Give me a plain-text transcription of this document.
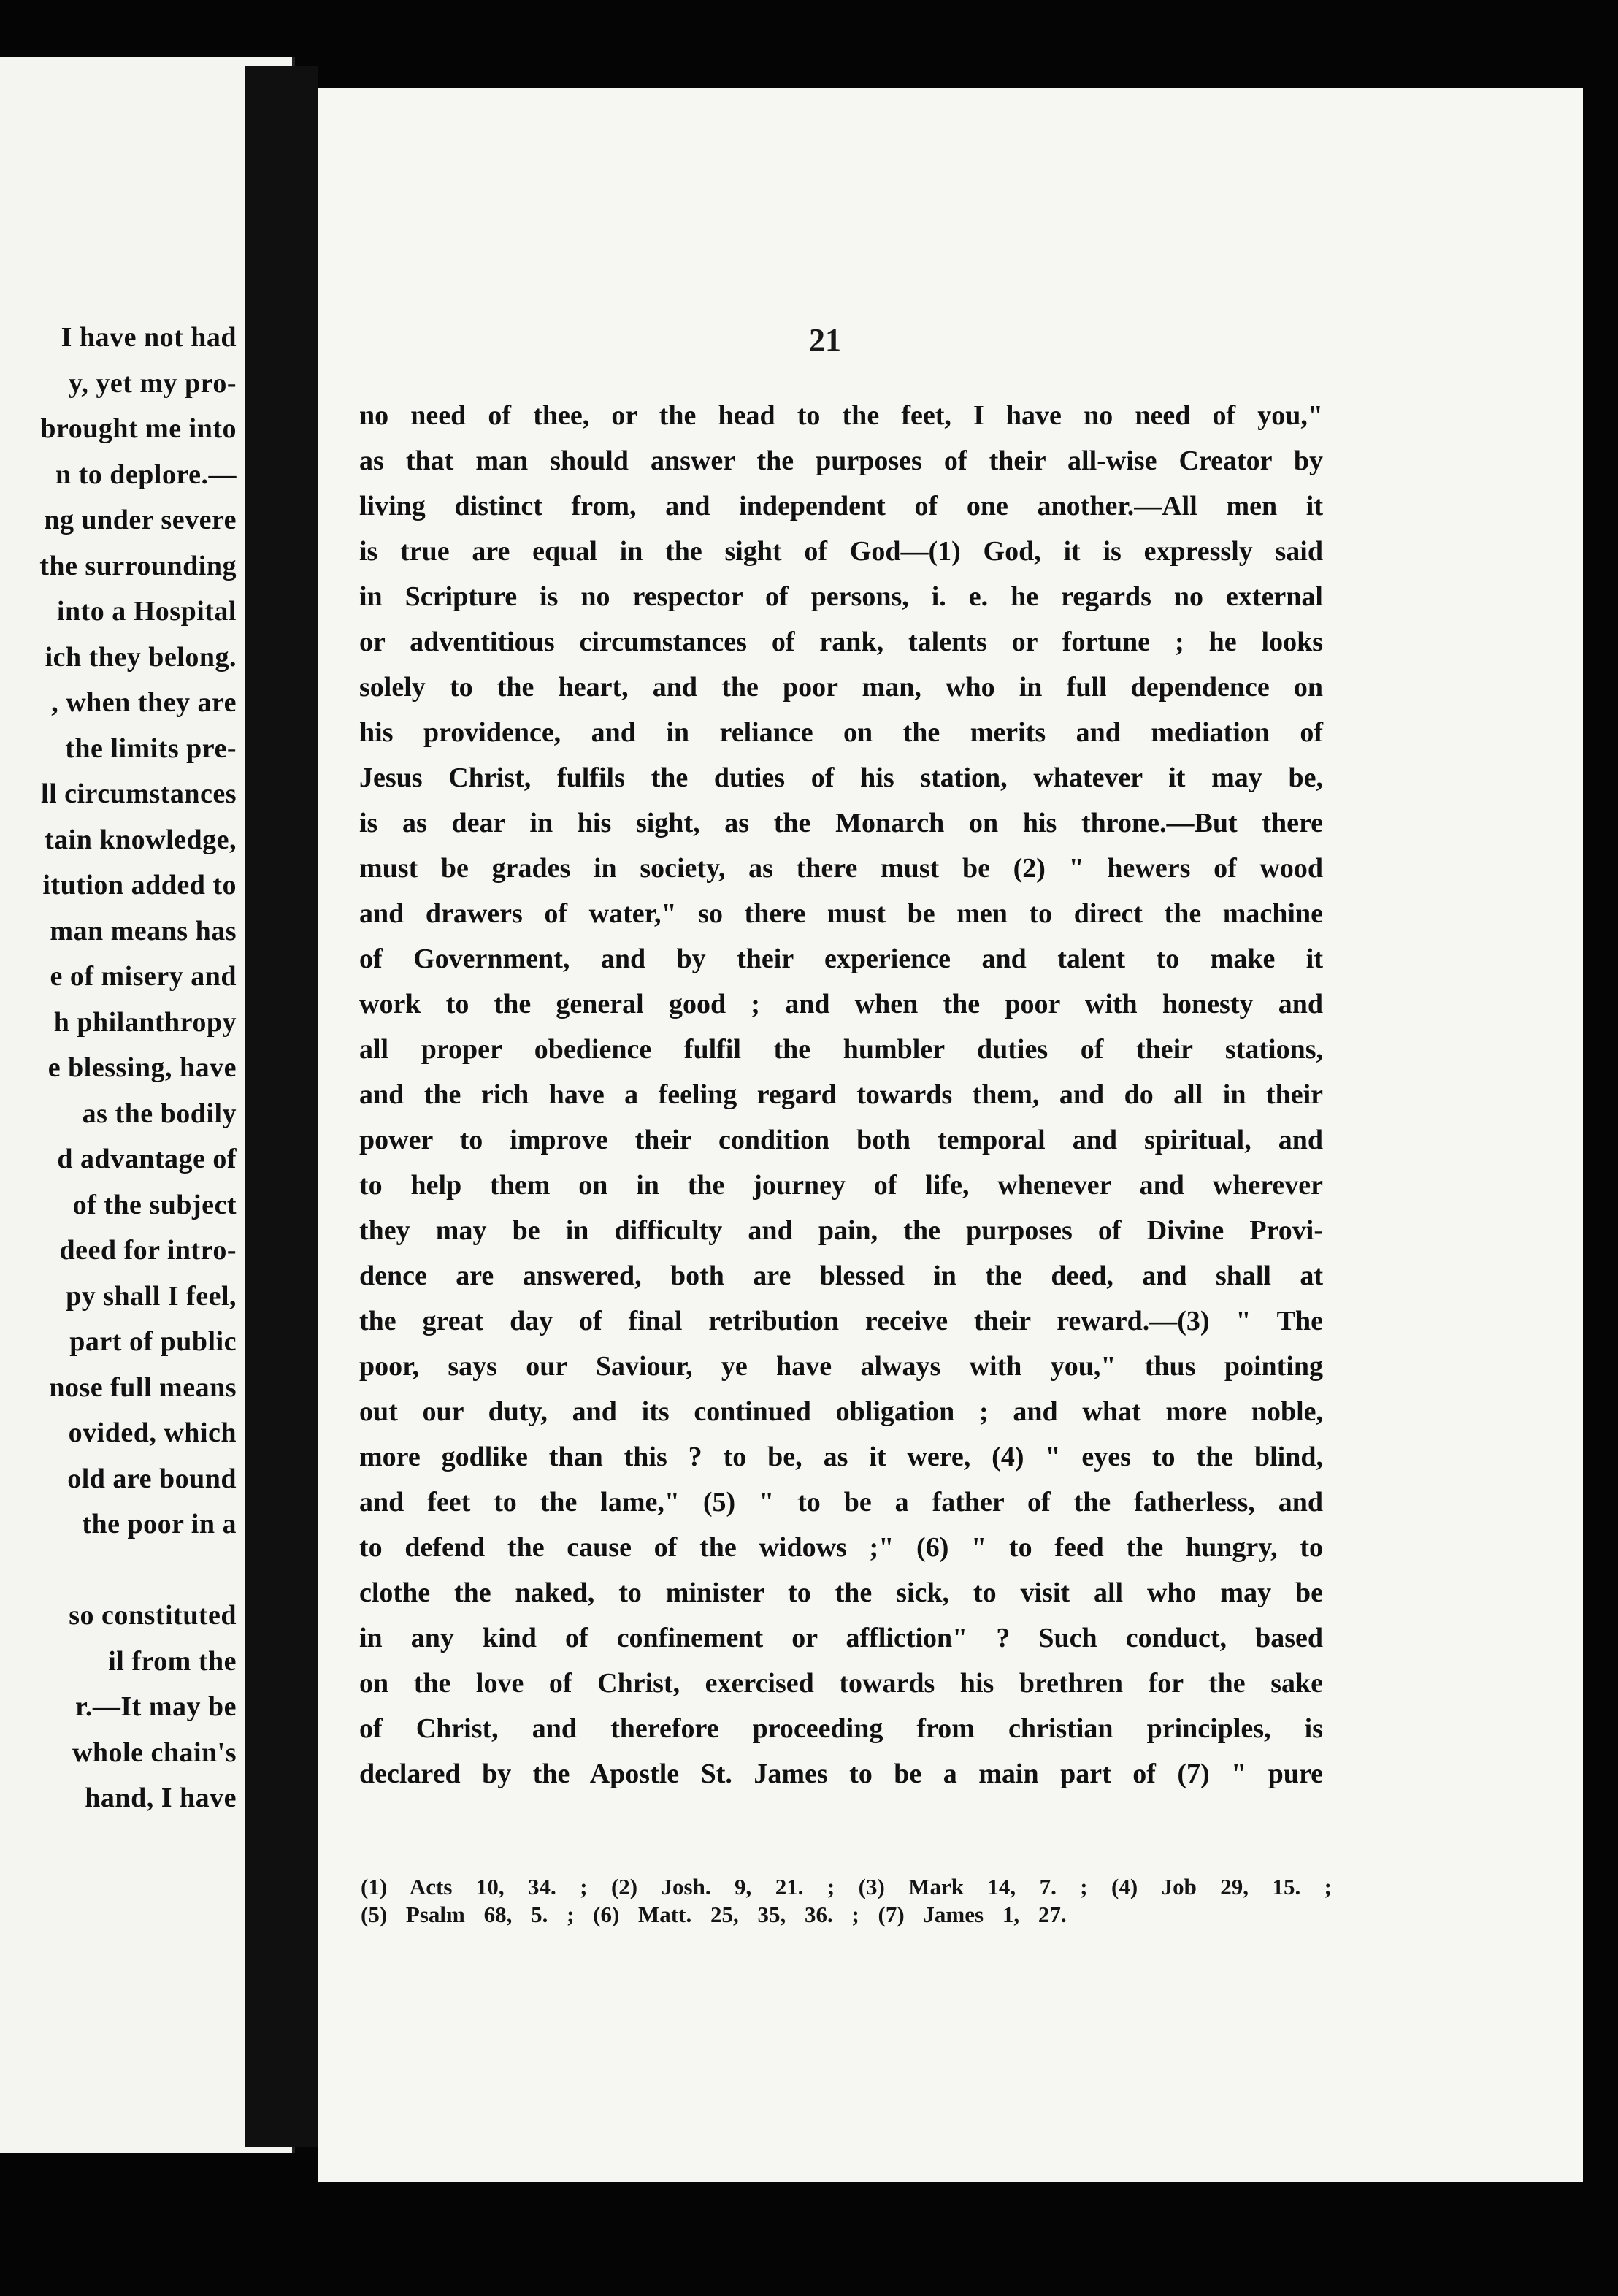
I have not had
y, yet my pro-
brought me into
n to deplore.—
ng under severe
the surrounding
into a Hospital
ich they belong.
, when they are
the limits pre-
ll circumstances
tain knowledge,
itution added to
man means has
e of misery and
h philanthropy
e blessing, have
as the bodily
d advantage of
of the subject
deed for intro-
py shall I feel,
part of public
nose full means
ovided, which
old are bound
the poor in a
so constituted
il from the
r.—It may be
whole chain's
hand, I have
21
no need of thee, or the head to the feet, I have no need of you,"
as that man should answer the purposes of their all-wise Creator by
living distinct from, and independent of one another.—All men it
is true are equal in the sight of God—(1) God, it is expressly said
in Scripture is no respector of persons, i. e. he regards no external
or adventitious circumstances of rank, talents or fortune ; he looks
solely to the heart, and the poor man, who in full dependence on
his providence, and in reliance on the merits and mediation of
Jesus Christ, fulfils the duties of his station, whatever it may be,
is as dear in his sight, as the Monarch on his throne.—But there
must be grades in society, as there must be (2) " hewers of wood
and drawers of water," so there must be men to direct the machine
of Government, and by their experience and talent to make it
work to the general good ; and when the poor with honesty and
all proper obedience fulfil the humbler duties of their stations,
and the rich have a feeling regard towards them, and do all in their
power to improve their condition both temporal and spiritual, and
to help them on in the journey of life, whenever and wherever
they may be in difficulty and pain, the purposes of Divine Provi-
dence are answered, both are blessed in the deed, and shall at
the great day of final retribution receive their reward.—(3) " The
poor, says our Saviour, ye have always with you," thus pointing
out our duty, and its continued obligation ; and what more noble,
more godlike than this ? to be, as it were, (4) " eyes to the blind,
and feet to the lame," (5) " to be a father of the fatherless, and
to defend the cause of the widows ;" (6) " to feed the hungry, to
clothe the naked, to minister to the sick, to visit all who may be
in any kind of confinement or affliction" ? Such conduct, based
on the love of Christ, exercised towards his brethren for the sake
of Christ, and therefore proceeding from christian principles, is
declared by the Apostle St. James to be a main part of (7) " pure
(1) Acts 10, 34. ; (2) Josh. 9, 21. ; (3) Mark 14, 7. ; (4) Job 29, 15. ;
(5) Psalm 68, 5. ; (6) Matt. 25, 35, 36. ; (7) James 1, 27.
